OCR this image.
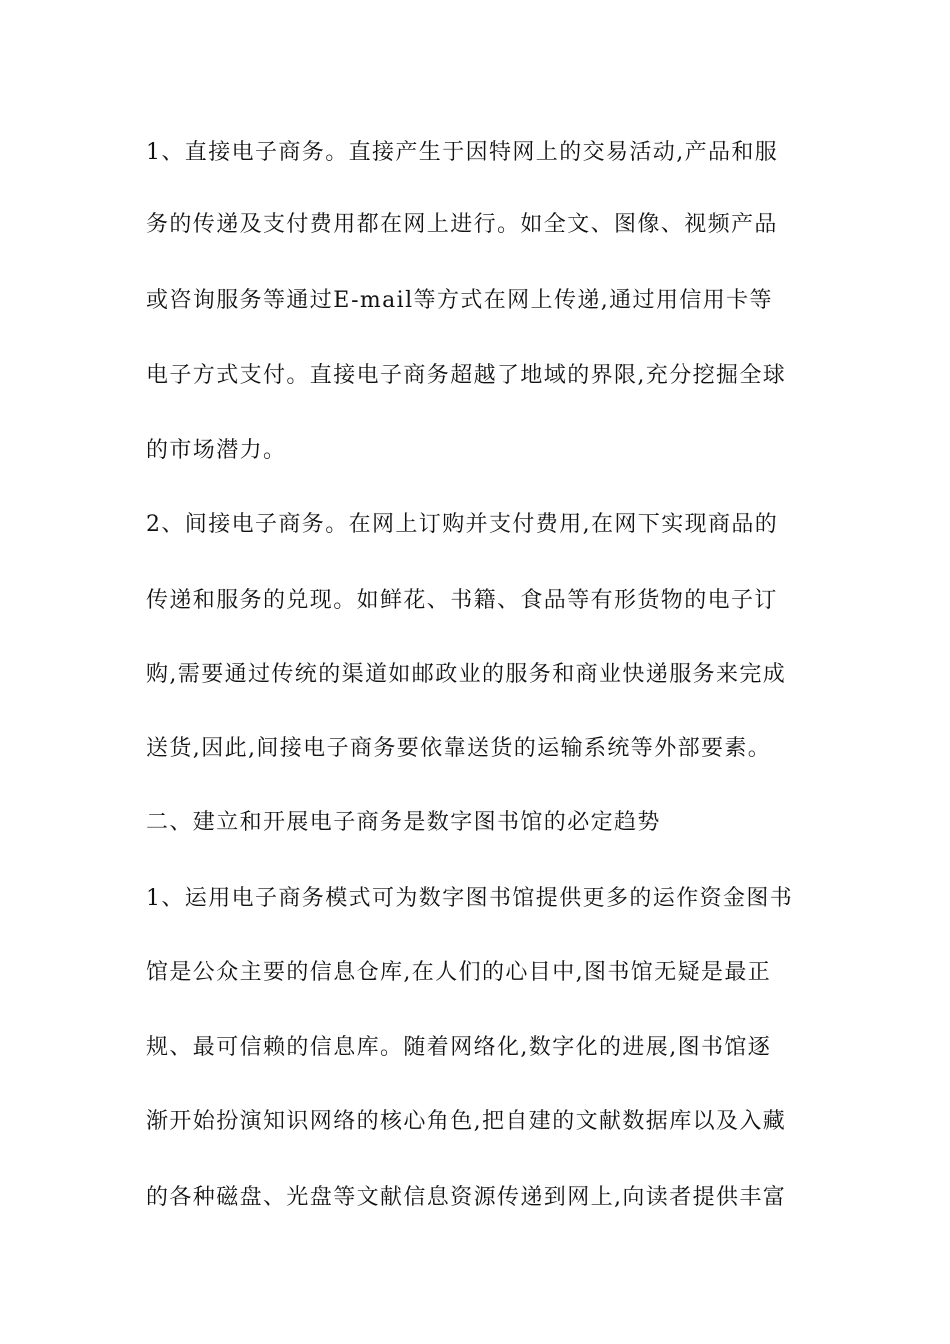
1、直接电子商务。直接产生于因特网上的交易活动,产品和服
务的传递及支付费用都在网上进行。如全文、图像、视频产品
或咨询服务等通过E-mail等方式在网上传递,通过用信用卡等
电子方式支付。直接电子商务超越了地域的界限,充分挖掘全球
的市场潜力。
2、间接电子商务。在网上订购并支付费用,在网下实现商品的
传递和服务的兑现。如鲜花、书籍、食品等有形货物的电子订
购,需要通过传统的渠道如邮政业的服务和商业快递服务来完成
送货,因此,间接电子商务要依靠送货的运输系统等外部要素。
二、建立和开展电子商务是数字图书馆的必定趋势
1、运用电子商务模式可为数字图书馆提供更多的运作资金图书
馆是公众主要的信息仓库,在人们的心目中,图书馆无疑是最正
规、最可信赖的信息库。随着网络化,数字化的进展,图书馆逐
渐开始扮演知识网络的核心角色,把自建的文献数据库以及入藏
的各种磁盘、光盘等文献信息资源传递到网上,向读者提供丰富
